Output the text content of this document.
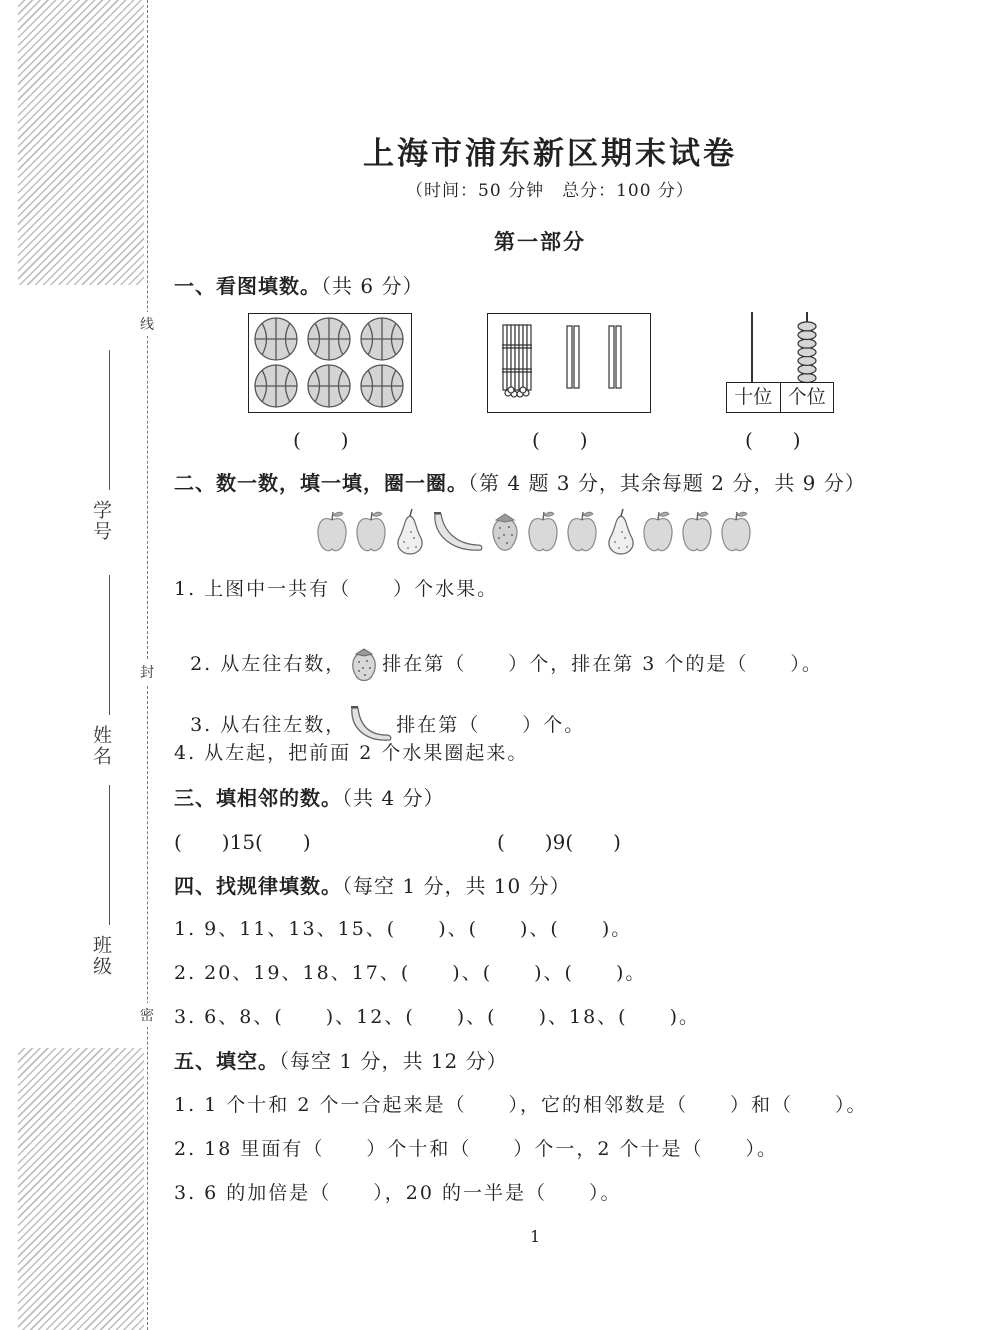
线
封
密
学号
姓名
班级
上海市浦东新区期末试卷
（时间：50 分钟　总分：100 分）
第一部分
一、看图填数。（共 6 分）
十位 个位
(　　)	(　　)	(　　)
二、数一数，填一填，圈一圈。（第 4 题 3 分，其余每题 2 分，共 9 分）
1. 上图中一共有（　　）个水果。

2. 从左往右数， 排在第（　　）个，排在第 3 个的是（　　）。

3. 从右往左数，	排在第（　　）个。

4. 从左起，把前面 2 个水果圈起来。
三、填相邻的数。（共 4 分）
(　　)15(　　)	(　　)9(　　)
四、找规律填数。（每空 1 分，共 10 分）
1. 9、11、13、15、(　　)、(　　)、(　　)。
2. 20、19、18、17、(　　)、(　　)、(　　)。
3. 6、8、(　　)、12、(　　)、(　　)、18、(　　)。
五、填空。（每空 1 分，共 12 分）
1. 1 个十和 2 个一合起来是（　　），它的相邻数是（　　）和（　　）。
2. 18 里面有（　　）个十和（　　）个一，2 个十是（　　）。
3. 6 的加倍是（　　），20 的一半是（　　）。
1
